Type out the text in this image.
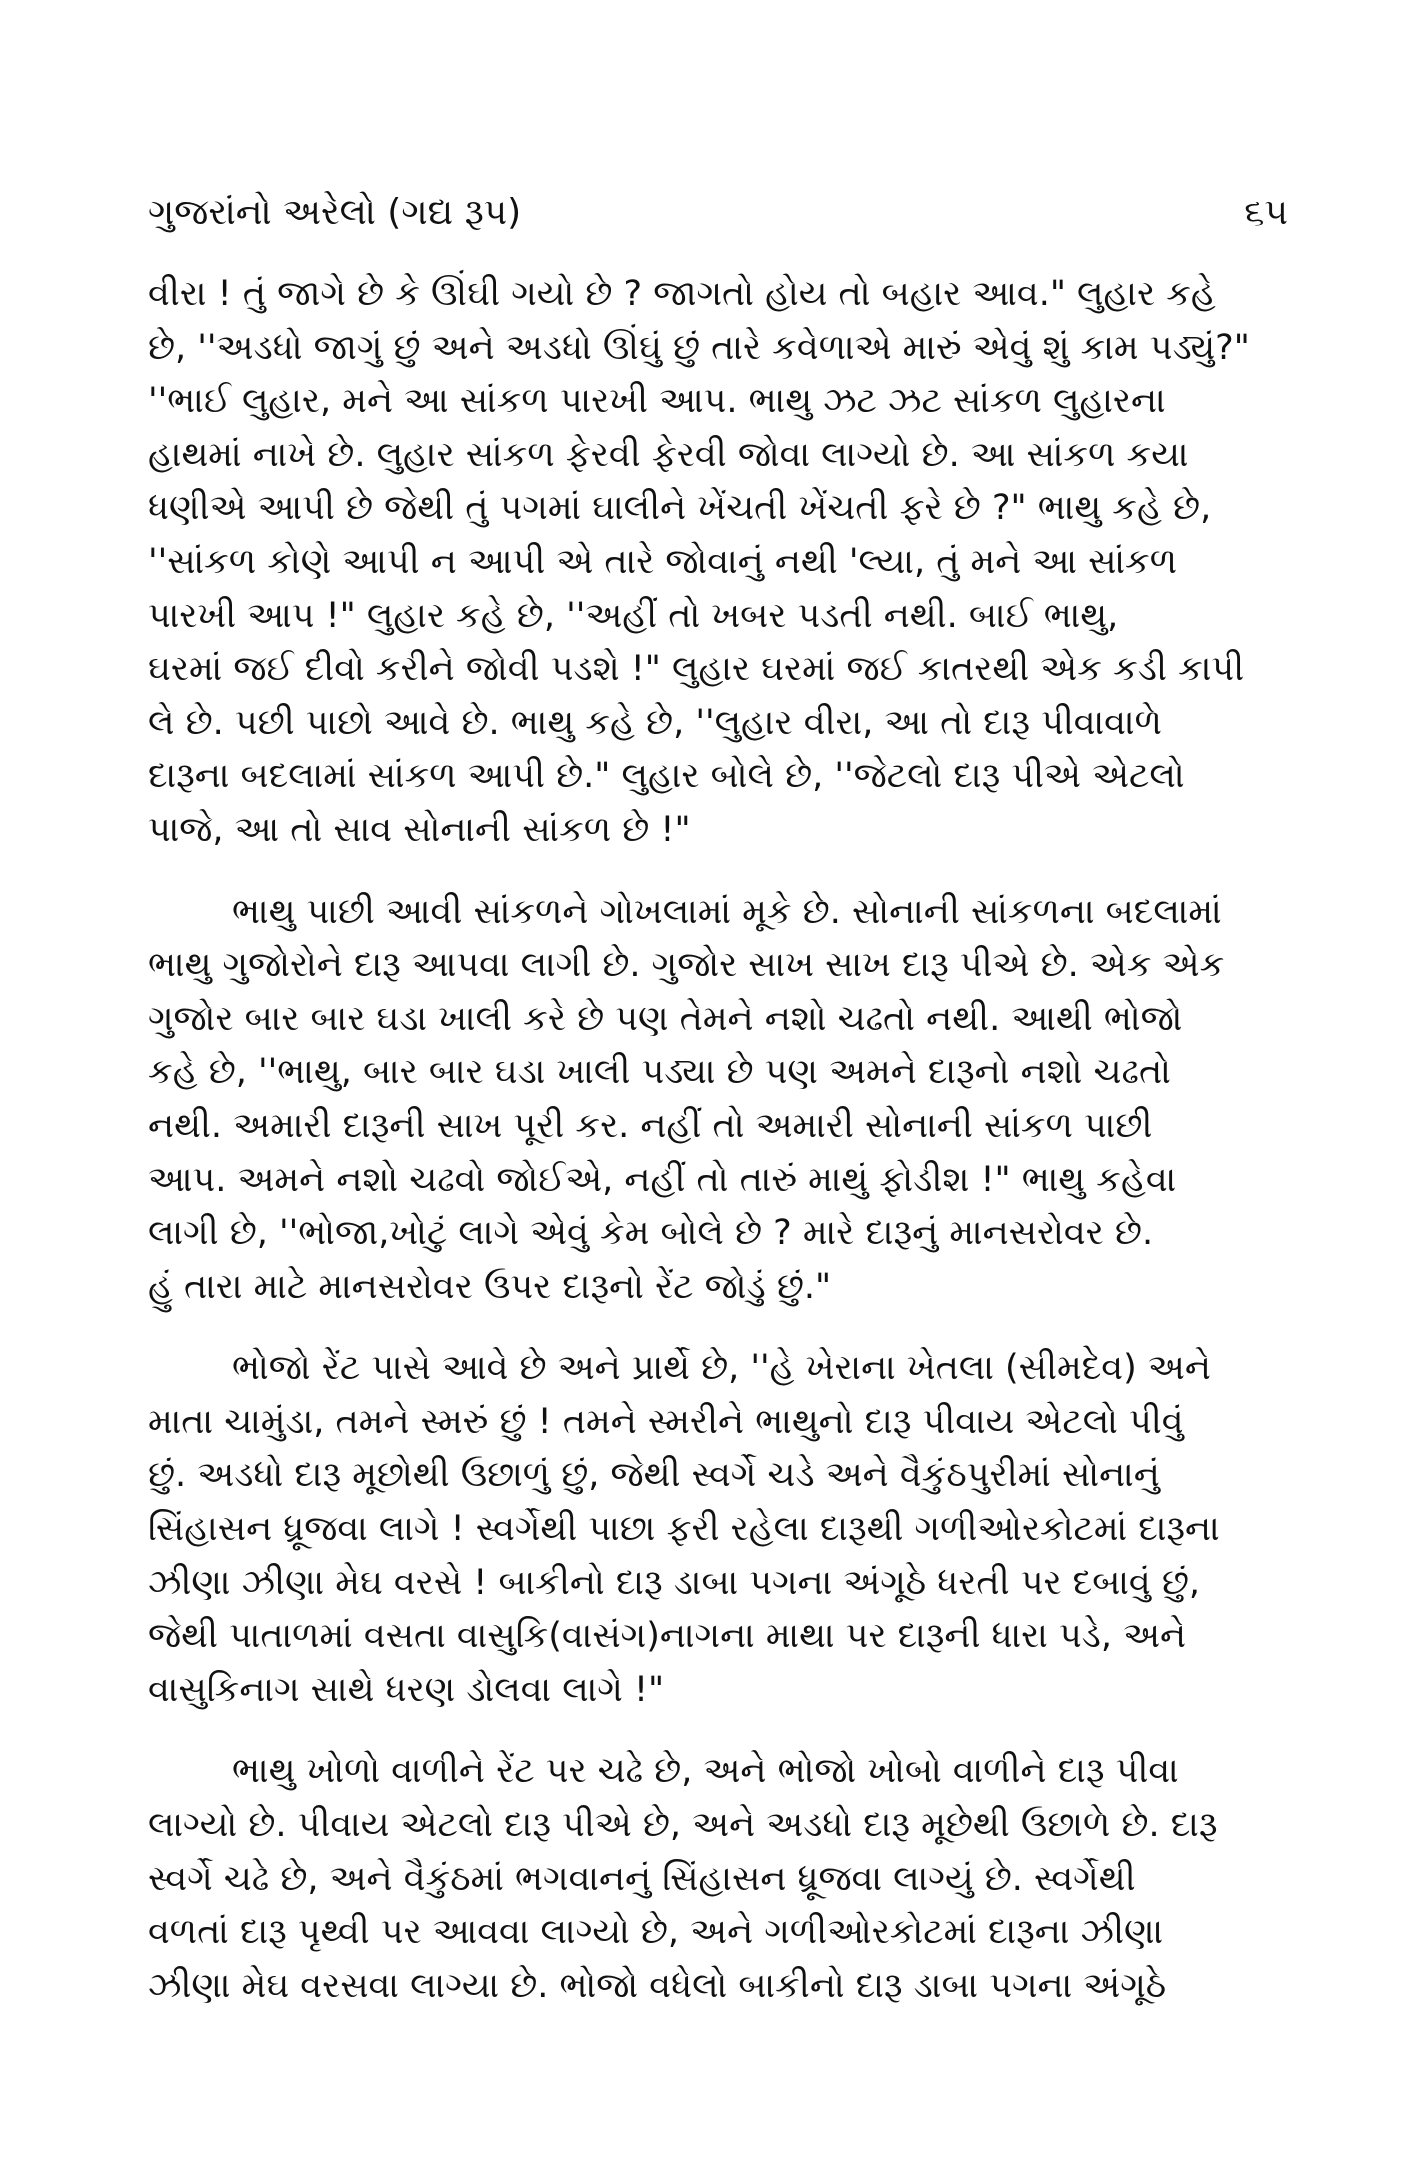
ગુજરાંનો અરેલો (ગદ્ય રૂપ)	૬૫

વીરા ! તું જાગે છે કે ઊંઘી ગયો છે ? જાગતો હોય તો બહાર આવ." લુહાર કહે
છે, ''અડધો જાગું છું અને અડધો ઊંઘું છું તારે કવેળાએ મારું એવું શું કામ પડ્યું?"
''ભાઈ લુહાર, મને આ સાંકળ પારખી આપ. ભાથુ ઝટ ઝટ સાંકળ લુહારના
હાથમાં નાખે છે. લુહાર સાંકળ ફેરવી ફેરવી જોવા લાગ્યો છે. આ સાંકળ કયા
ધણીએ આપી છે જેથી તું પગમાં ઘાલીને ખેંચતી ખેંચતી ફરે છે ?" ભાથુ કહે છે,
''સાંકળ કોણે આપી ન આપી એ તારે જોવાનું નથી 'લ્યા, તું મને આ સાંકળ
પારખી આપ !" લુહાર કહે છે, ''અહીં તો ખબર પડતી નથી. બાઈ ભાથુ,
ઘરમાં જઈ દીવો કરીને જોવી પડશે !" લુહાર ઘરમાં જઈ કાતરથી એક કડી કાપી
લે છે. પછી પાછો આવે છે. ભાથુ કહે છે, ''લુહાર વીરા, આ તો દારૂ પીવાવાળે
દારૂના બદલામાં સાંકળ આપી છે." લુહાર બોલે છે, ''જેટલો દારૂ પીએ એટલો
પાજે, આ તો સાવ સોનાની સાંકળ છે !"

ભાથુ પાછી આવી સાંકળને ગોખલામાં મૂકે છે. સોનાની સાંકળના બદલામાં
ભાથુ ગુજોરોને દારૂ આપવા લાગી છે. ગુજોર સાખ સાખ દારૂ પીએ છે. એક એક
ગુજોર બાર બાર ઘડા ખાલી કરે છે પણ તેમને નશો ચઢતો નથી. આથી ભોજો
કહે છે, ''ભાથુ, બાર બાર ઘડા ખાલી પડ્યા છે પણ અમને દારૂનો નશો ચઢતો
નથી. અમારી દારૂની સાખ પૂરી કર. નહીં તો અમારી સોનાની સાંકળ પાછી
આપ. અમને નશો ચઢવો જોઈએ, નહીં તો તારું માથું ફોડીશ !" ભાથુ કહેવા
લાગી છે, ''ભોજા,ખોટું લાગે એવું કેમ બોલે છે ? મારે દારૂનું માનસરોવર છે.
હું તારા માટે માનસરોવર ઉપર દારૂનો રેંટ જોડું છું."

ભોજો રેંટ પાસે આવે છે અને પ્રાર્થે છે, ''હે ખેરાના ખેતલા (સીમદેવ) અને
માતા ચામુંડા, તમને સ્મરું છું ! તમને સ્મરીને ભાથુનો દારૂ પીવાય એટલો પીવું
છું. અડધો દારૂ મૂછોથી ઉછાળું છું, જેથી સ્વર્ગે ચડે અને વૈકુંઠપુરીમાં સોનાનું
સિંહાસન ધ્રૂજવા લાગે ! સ્વર્ગેથી પાછા ફરી રહેલા દારૂથી ગળીઓરકોટમાં દારૂના
ઝીણા ઝીણા મેઘ વરસે ! બાકીનો દારૂ ડાબા પગના અંગૂઠે ધરતી પર દબાવું છું,
જેથી પાતાળમાં વસતા વાસુકિ(વાસંગ)નાગના માથા પર દારૂની ધારા પડે, અને
વાસુકિનાગ સાથે ધરણ ડોલવા લાગે !"

ભાથુ ખોળો વાળીને રેંટ પર ચઢે છે, અને ભોજો ખોબો વાળીને દારૂ પીવા
લાગ્યો છે. પીવાય એટલો દારૂ પીએ છે, અને અડધો દારૂ મૂછેથી ઉછાળે છે. દારૂ
સ્વર્ગે ચઢે છે, અને વૈકુંઠમાં ભગવાનનું સિંહાસન ધ્રૂજવા લાગ્યું છે. સ્વર્ગેથી
વળતાં દારૂ પૃથ્વી પર આવવા લાગ્યો છે, અને ગળીઓરકોટમાં દારૂના ઝીણા
ઝીણા મેઘ વરસવા લાગ્યા છે. ભોજો વધેલો બાકીનો દારૂ ડાબા પગના અંગૂઠે
